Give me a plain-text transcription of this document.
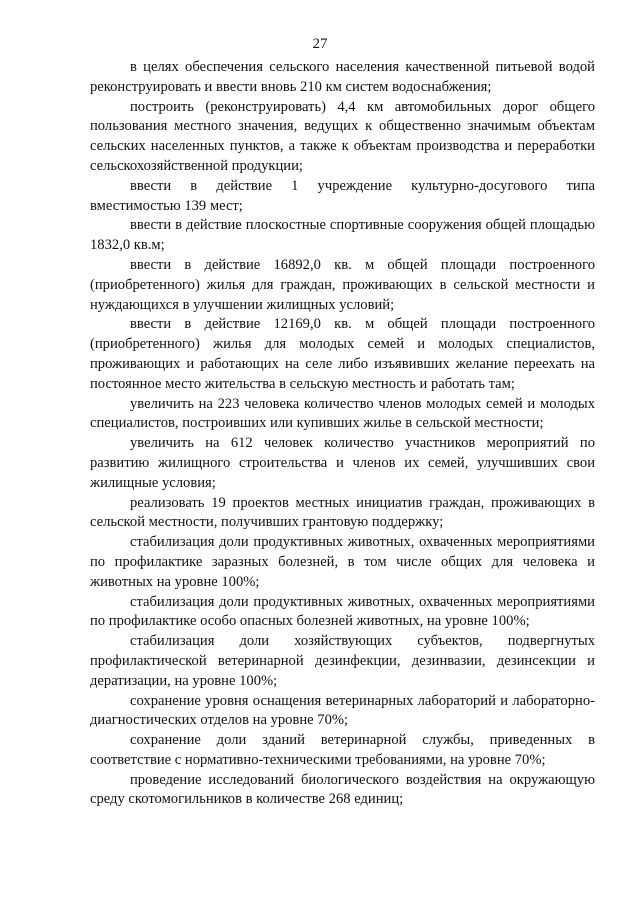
27

в целях обеспечения сельского населения качественной питьевой водой реконструировать и ввести вновь 210 км систем водоснабжения;

построить (реконструировать) 4,4 км автомобильных дорог общего пользования местного значения, ведущих к общественно значимым объектам сельских населенных пунктов, а также к объектам производства и переработки сельскохозяйственной продукции;

ввести в действие 1 учреждение культурно-досугового типа вместимостью 139 мест;

ввести в действие плоскостные спортивные сооружения общей площадью 1832,0 кв.м;

ввести в действие 16892,0 кв. м общей площади построенного (приобретенного) жилья для граждан, проживающих в сельской местности и нуждающихся в улучшении жилищных условий;

ввести в действие 12169,0 кв. м общей площади построенного (приобретенного) жилья для молодых семей и молодых специалистов, проживающих и работающих на селе либо изъявивших желание переехать на постоянное место жительства в сельскую местность и работать там;

увеличить на 223 человека количество членов молодых семей и молодых специалистов, построивших или купивших жилье в сельской местности;

увеличить на 612 человек количество участников мероприятий по развитию жилищного строительства и членов их семей, улучшивших свои жилищные условия;

реализовать 19 проектов местных инициатив граждан, проживающих в сельской местности, получивших грантовую поддержку;

стабилизация доли продуктивных животных, охваченных мероприятиями по профилактике заразных болезней, в том числе общих для человека и животных на уровне 100%;

стабилизация доли продуктивных животных, охваченных мероприятиями по профилактике особо опасных болезней животных, на уровне 100%;

стабилизация доли хозяйствующих субъектов, подвергнутых профилактической ветеринарной дезинфекции, дезинвазии, дезинсекции и дератизации, на уровне 100%;

сохранение уровня оснащения ветеринарных лабораторий и лабораторно-диагностических отделов на уровне 70%;

сохранение доли зданий ветеринарной службы, приведенных в соответствие с нормативно-техническими требованиями, на уровне 70%;

проведение исследований биологического воздействия на окружающую среду скотомогильников в количестве 268 единиц;
